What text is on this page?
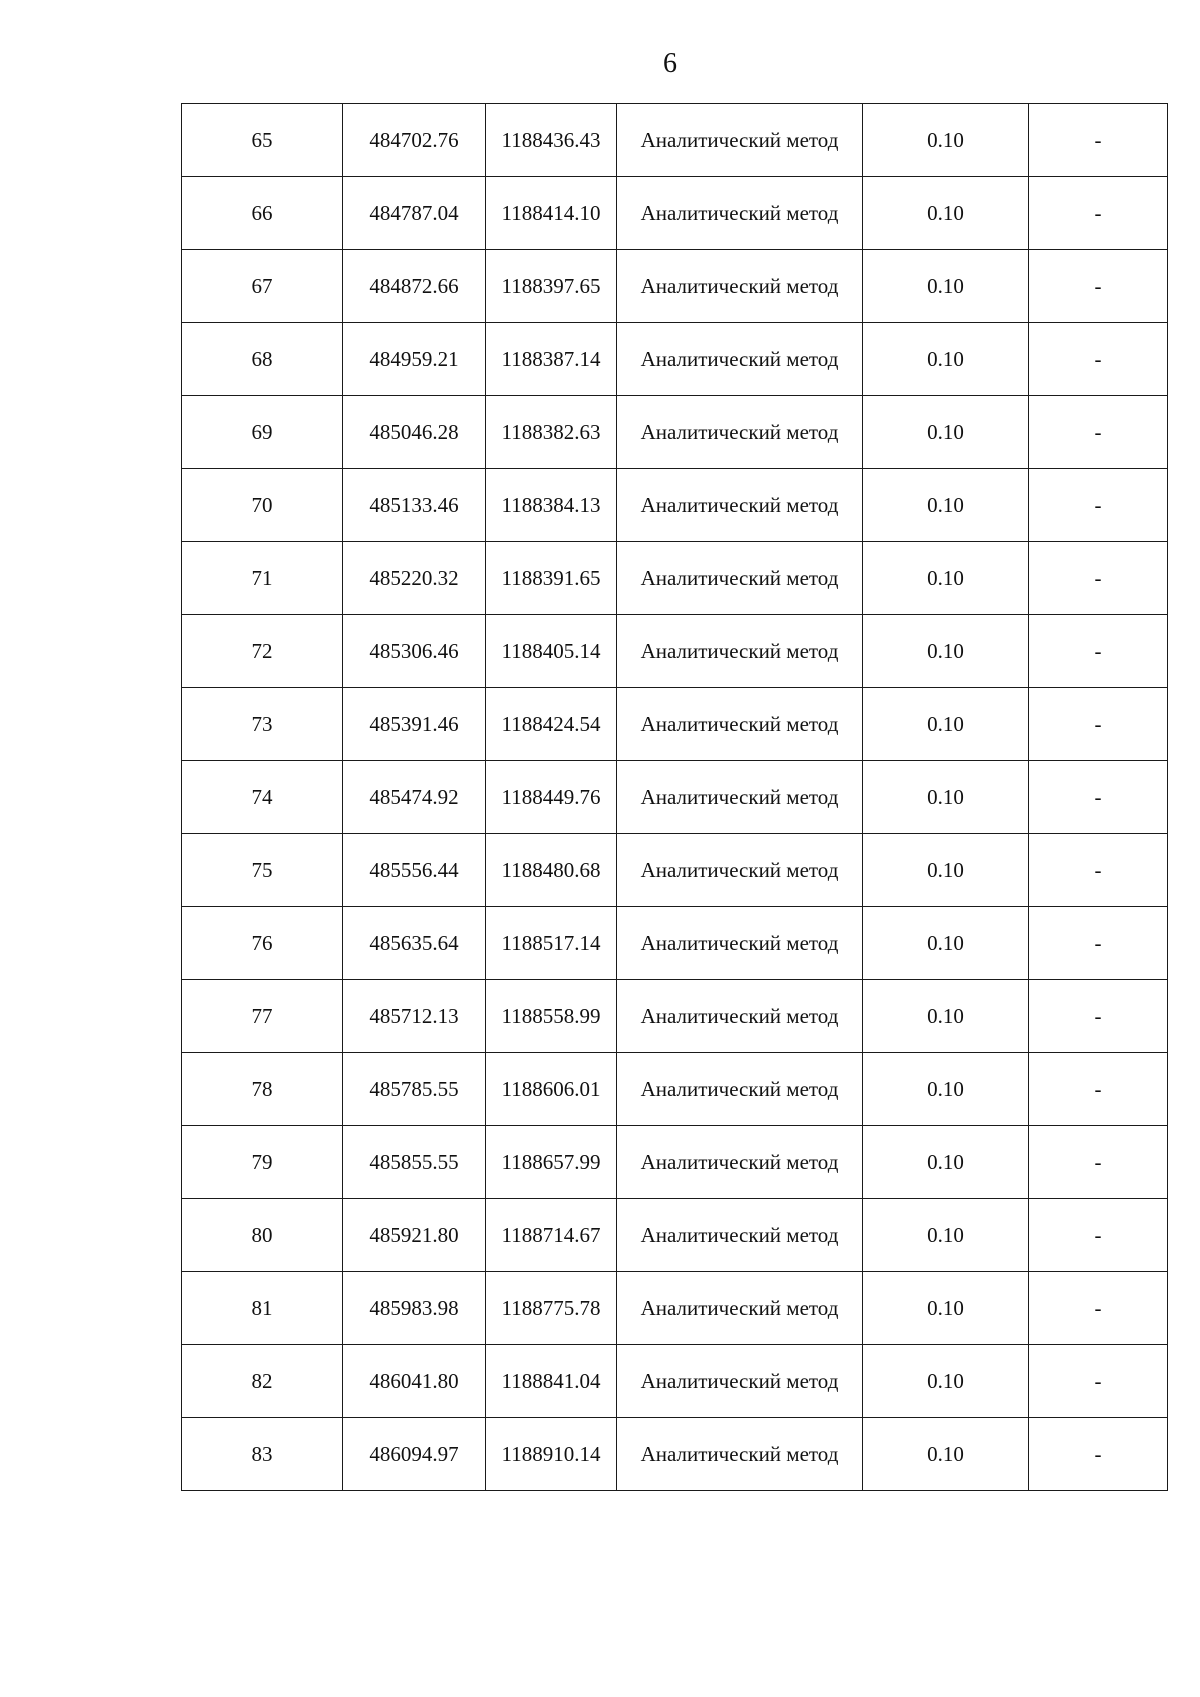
6
65	484702.76	1188436.43	Аналитический метод	0.10	-
66	484787.04	1188414.10	Аналитический метод	0.10	-
67	484872.66	1188397.65	Аналитический метод	0.10	-
68	484959.21	1188387.14	Аналитический метод	0.10	-
69	485046.28	1188382.63	Аналитический метод	0.10	-
70	485133.46	1188384.13	Аналитический метод	0.10	-
71	485220.32	1188391.65	Аналитический метод	0.10	-
72	485306.46	1188405.14	Аналитический метод	0.10	-
73	485391.46	1188424.54	Аналитический метод	0.10	-
74	485474.92	1188449.76	Аналитический метод	0.10	-
75	485556.44	1188480.68	Аналитический метод	0.10	-
76	485635.64	1188517.14	Аналитический метод	0.10	-
77	485712.13	1188558.99	Аналитический метод	0.10	-
78	485785.55	1188606.01	Аналитический метод	0.10	-
79	485855.55	1188657.99	Аналитический метод	0.10	-
80	485921.80	1188714.67	Аналитический метод	0.10	-
81	485983.98	1188775.78	Аналитический метод	0.10	-
82	486041.80	1188841.04	Аналитический метод	0.10	-
83	486094.97	1188910.14	Аналитический метод	0.10	-
